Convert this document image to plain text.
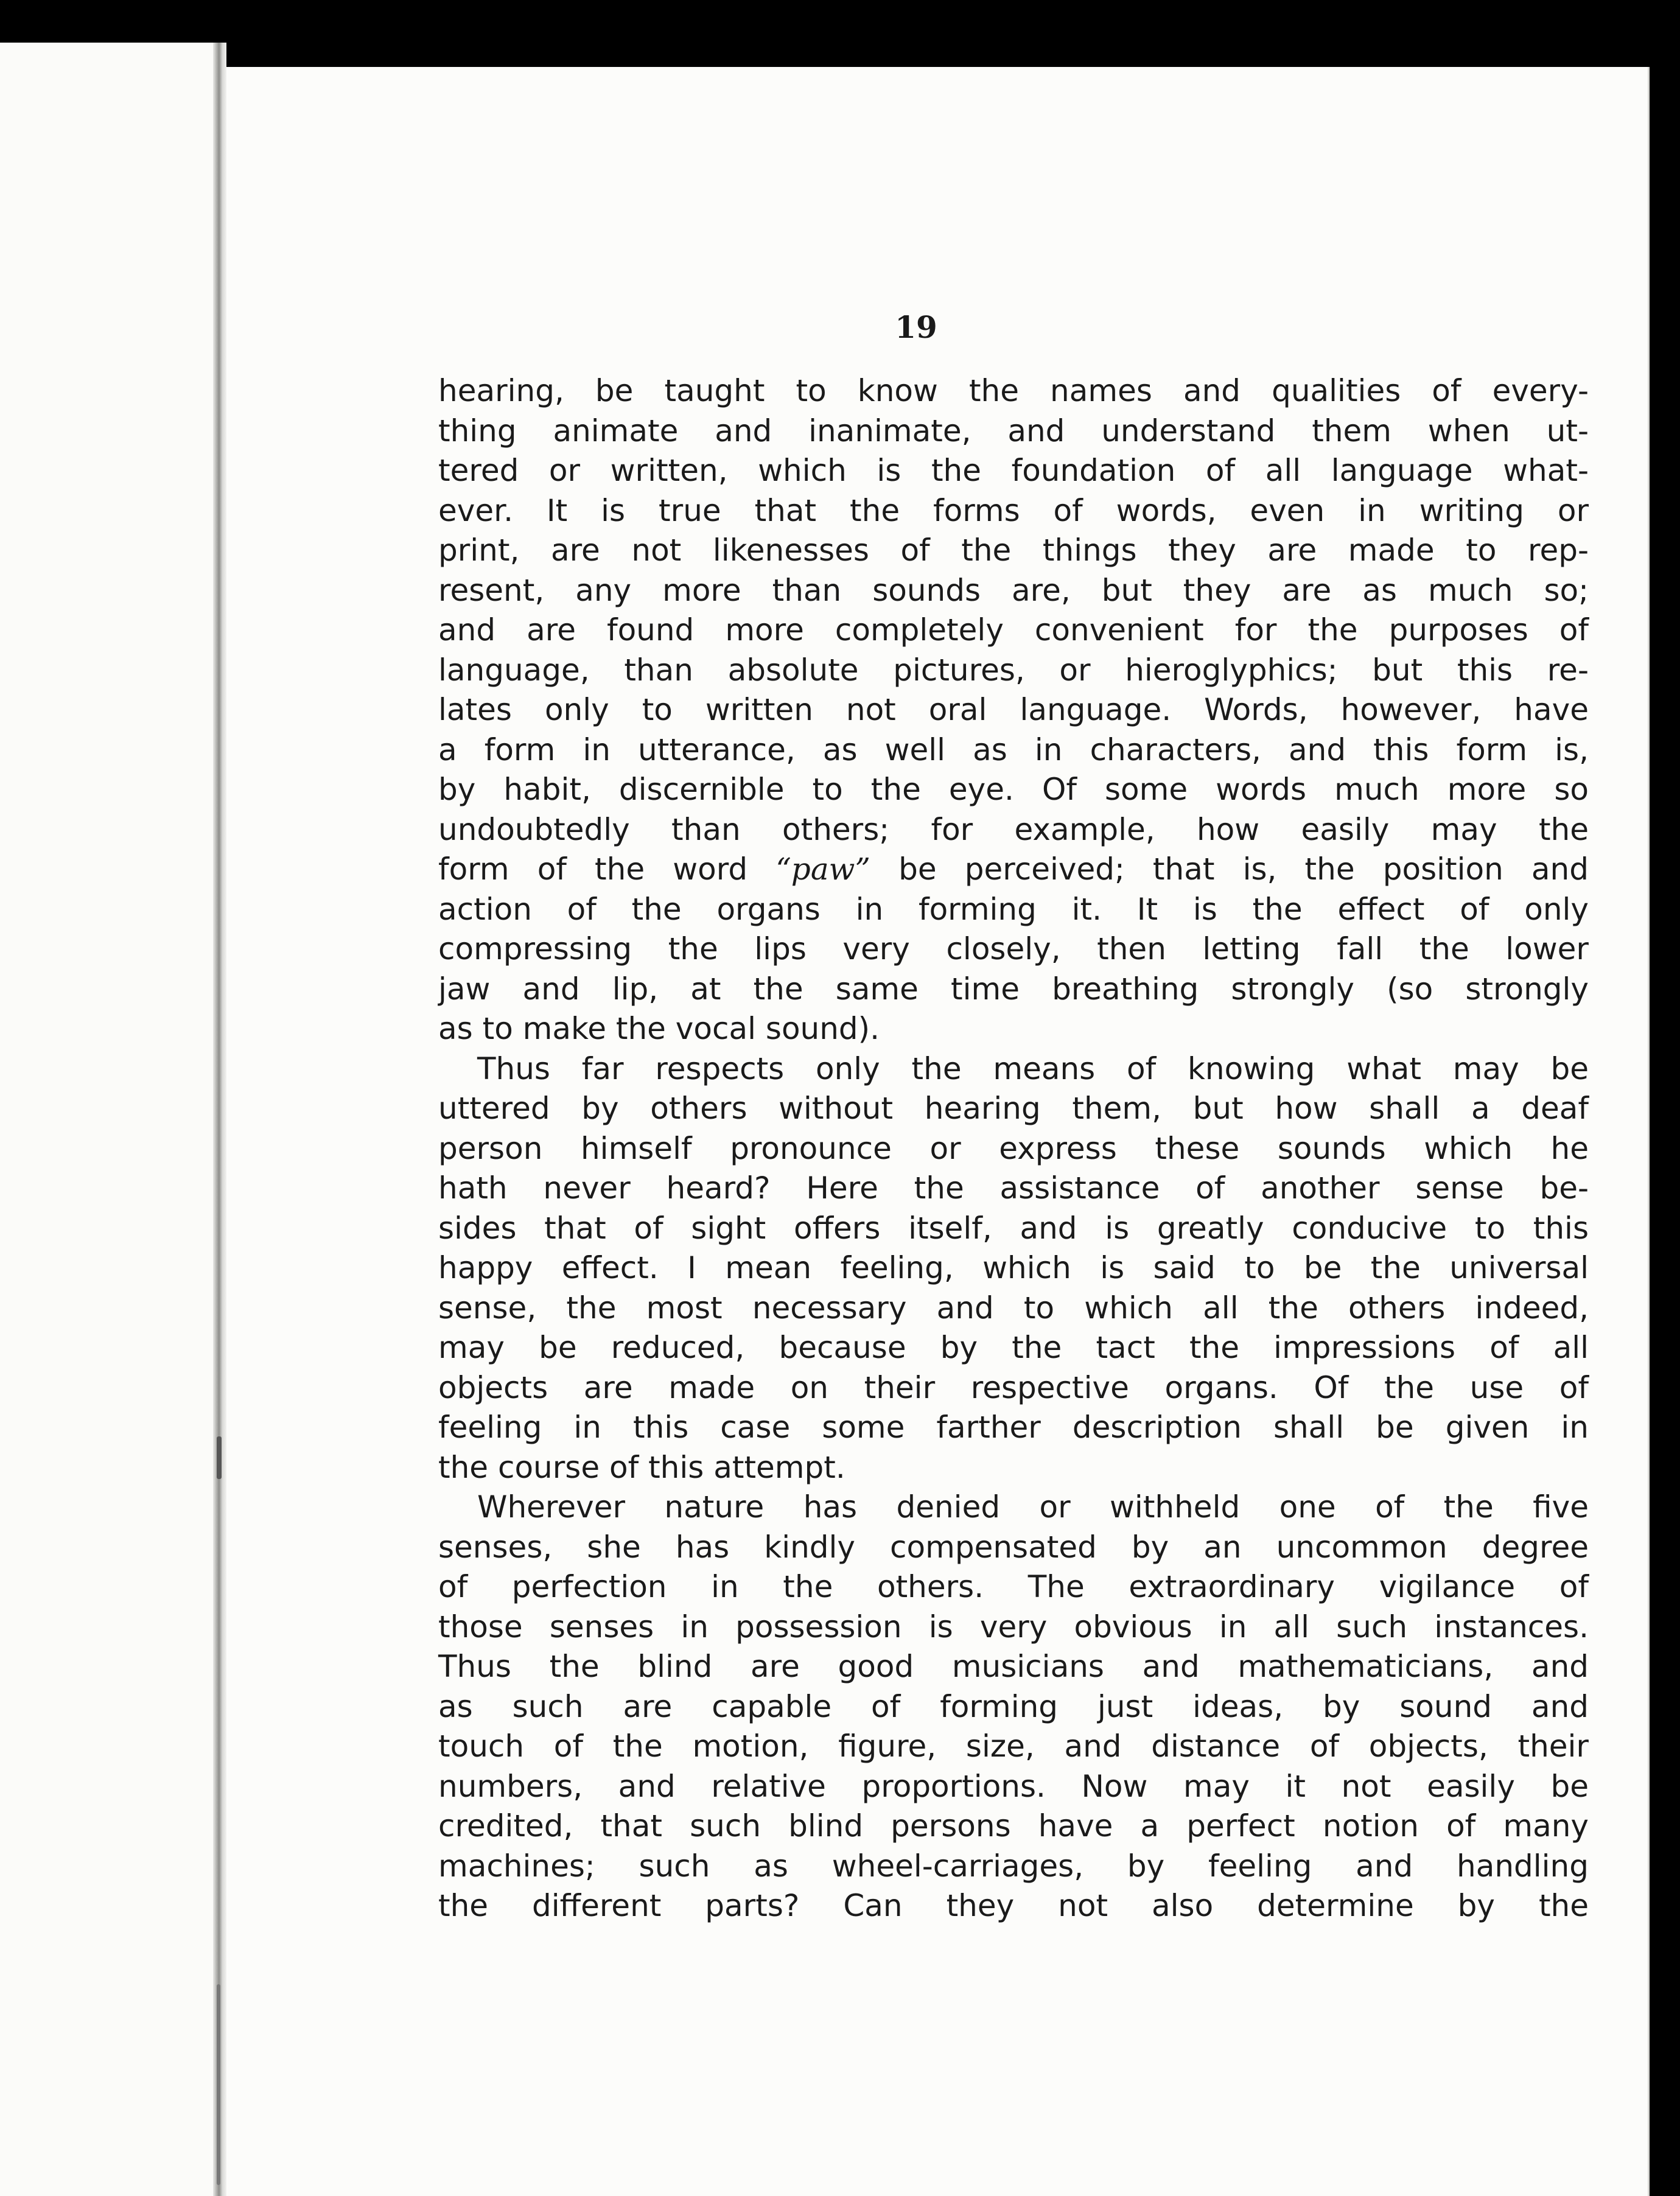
19
hearing, be taught to know the names and qualities of every-
thing animate and inanimate, and understand them when ut-
tered or written, which is the foundation of all language what-
ever. It is true that the forms of words, even in writing or
print, are not likenesses of the things they are made to rep-
resent, any more than sounds are, but they are as much so;
and are found more completely convenient for the purposes of
language, than absolute pictures, or hieroglyphics; but this re-
lates only to written not oral language. Words, however, have
a form in utterance, as well as in characters, and this form is,
by habit, discernible to the eye. Of some words much more so
undoubtedly than others; for example, how easily may the
form of the word “paw” be perceived; that is, the position and
action of the organs in forming it. It is the effect of only
compressing the lips very closely, then letting fall the lower
jaw and lip, at the same time breathing strongly (so strongly
as to make the vocal sound).
Thus far respects only the means of knowing what may be
uttered by others without hearing them, but how shall a deaf
person himself pronounce or express these sounds which he
hath never heard? Here the assistance of another sense be-
sides that of sight offers itself, and is greatly conducive to this
happy effect. I mean feeling, which is said to be the universal
sense, the most necessary and to which all the others indeed,
may be reduced, because by the tact the impressions of all
objects are made on their respective organs. Of the use of
feeling in this case some farther description shall be given in
the course of this attempt.
Wherever nature has denied or withheld one of the five
senses, she has kindly compensated by an uncommon degree
of perfection in the others. The extraordinary vigilance of
those senses in possession is very obvious in all such instances.
Thus the blind are good musicians and mathematicians, and
as such are capable of forming just ideas, by sound and
touch of the motion, figure, size, and distance of objects, their
numbers, and relative proportions. Now may it not easily be
credited, that such blind persons have a perfect notion of many
machines; such as wheel-carriages, by feeling and handling
the different parts? Can they not also determine by the
